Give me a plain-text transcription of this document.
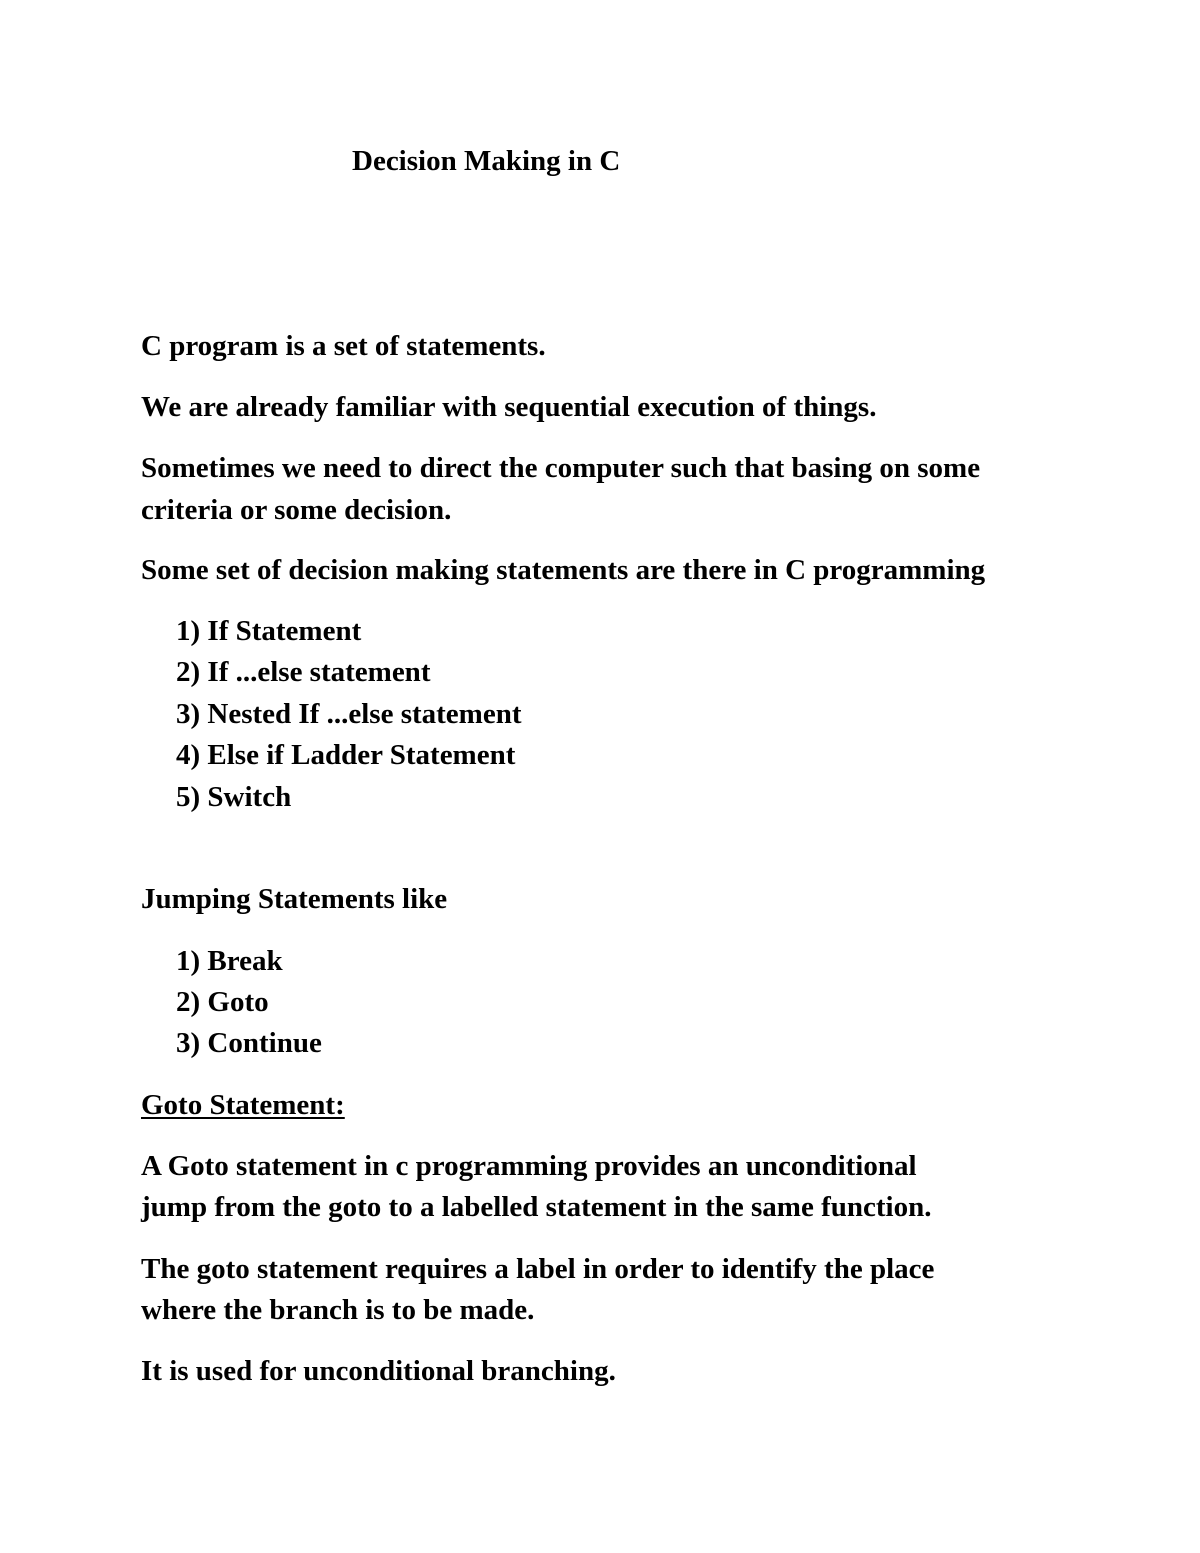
Decision Making in C
C program is a set of statements.
We are already familiar with sequential execution of things.
Sometimes we need to direct the computer such that basing on some
criteria or some decision.
Some set of decision making statements are there in C programming
1) If Statement
2) If ...else statement
3) Nested If ...else statement
4) Else if Ladder Statement
5) Switch
Jumping Statements like
1) Break
2) Goto
3) Continue
Goto Statement:
A Goto statement in c programming provides an unconditional
jump from the goto to a labelled statement in the same function.
The goto statement requires a label in order to identify the place
where the branch is to be made.
It is used for unconditional branching.
